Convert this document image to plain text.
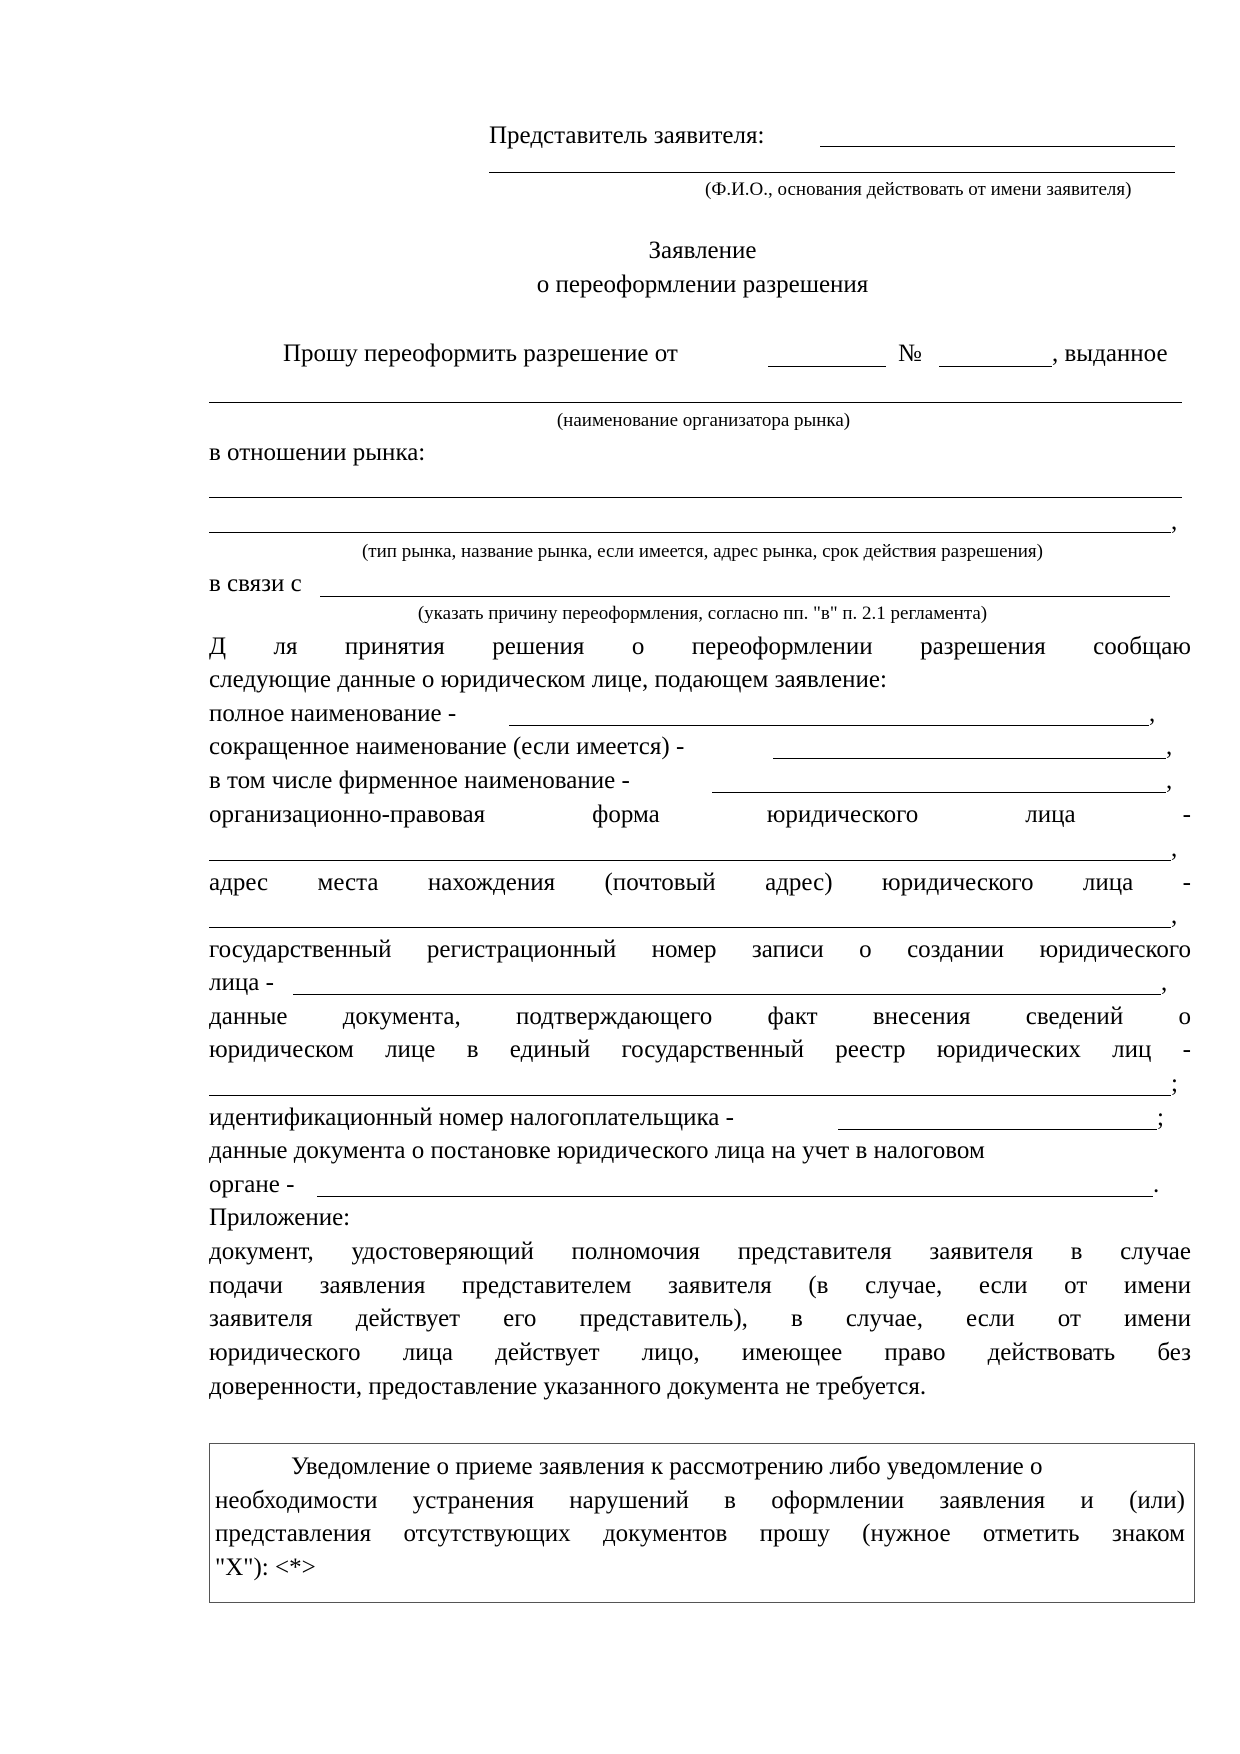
Представитель заявителя:
(Ф.И.О., основания действовать от имени заявителя)
Заявление
о переоформлении разрешения
Прошу переоформить разрешение от	№	, выданное
(наименование организатора рынка)
в отношении рынка:
,
(тип рынка, название рынка, если имеется, адрес рынка, срок действия разрешения)
в связи с
(указать причину переоформления, согласно пп. "в" п. 2.1 регламента)
Д ля принятия решения о переоформлении разрешения сообщаю
следующие данные о юридическом лице, подающем заявление:
полное наименование -	,
сокращенное наименование (если имеется) -	,
в том числе фирменное наименование -	,
организационно-правовая	форма	юридического	лица	-
,
адрес места нахождения (почтовый адрес) юридического лица -
,
государственный регистрационный номер записи о создании юридического
лица -	,
данные документа, подтверждающего факт внесения сведений о
юридическом лице в единый государственный реестр юридических лиц -
;
идентификационный номер налогоплательщика -	;
данные документа о постановке юридического лица на учет в налоговом
органе -	.
Приложение:
документ, удостоверяющий полномочия представителя заявителя в случае
подачи заявления представителем заявителя (в случае, если от имени
заявителя действует его представитель), в случае, если от имени
юридического лица действует лицо, имеющее право действовать без
доверенности, предоставление указанного документа не требуется.
Уведомление о приеме заявления к рассмотрению либо уведомление о
необходимости устранения нарушений в оформлении заявления и (или)
представления отсутствующих документов прошу (нужное отметить знаком
"X"): <*>
